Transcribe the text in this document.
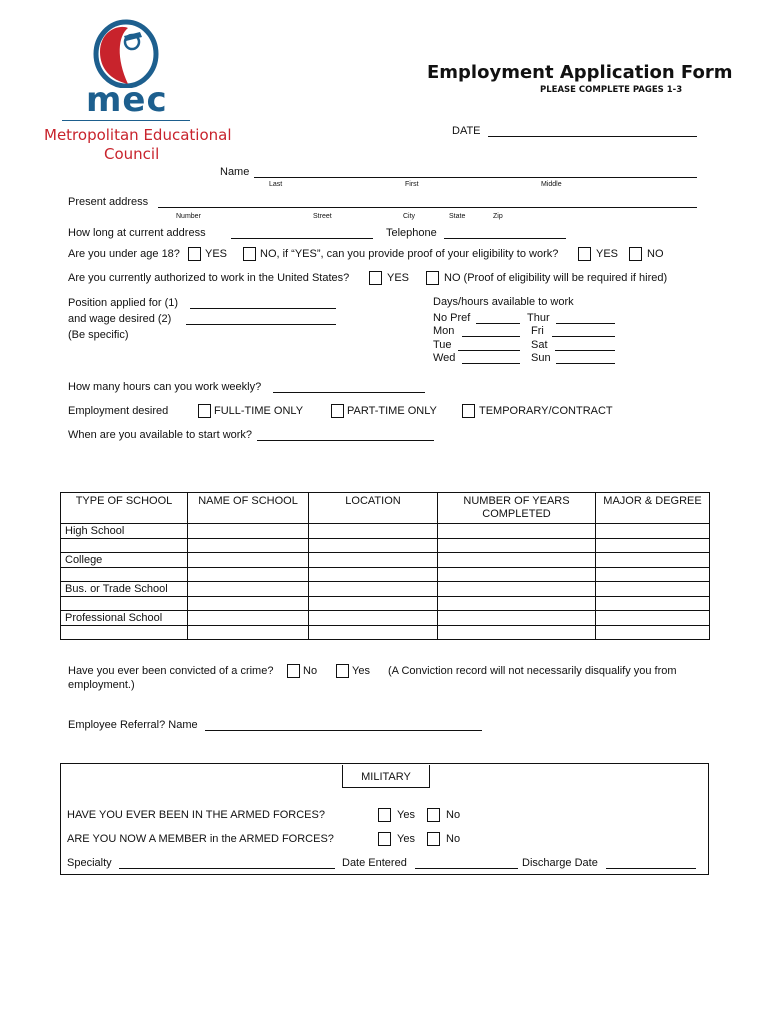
mec
Metropolitan Educational
Council
Employment Application Form
PLEASE COMPLETE PAGES 1-3
DATE
Name
Last	First	Middle
Present address
Number	Street	City	State	Zip
How long at current address	Telephone
Are you under age 18? YES	NO, if “YES”, can you provide proof of your eligibility to work?	YES	NO
Are you currently authorized to work in the United States?	YES	NO (Proof of eligibility will be required if hired)
Position applied for (1)
and wage desired (2)
(Be specific)
Days/hours available to work
No Pref
Mon
Tue
Wed
Thur
Fri
Sat
Sun
How many hours can you work weekly?
Employment desired	FULL-TIME ONLY	PART-TIME ONLY	TEMPORARY/CONTRACT
When are you available to start work?
TYPE OF SCHOOL	NAME OF SCHOOL	LOCATION	NUMBER OF YEARS COMPLETED	MAJOR & DEGREE
High School				

College				

Bus. or Trade School				

Professional School				

Have you ever been convicted of a crime?	No	Yes (A Conviction record will not necessarily disqualify you from
employment.)
Employee Referral? Name
MILITARY
HAVE YOU EVER BEEN IN THE ARMED FORCES?	Yes	No
ARE YOU NOW A MEMBER in the ARMED FORCES?	Yes	No
Specialty	Date Entered	Discharge Date
